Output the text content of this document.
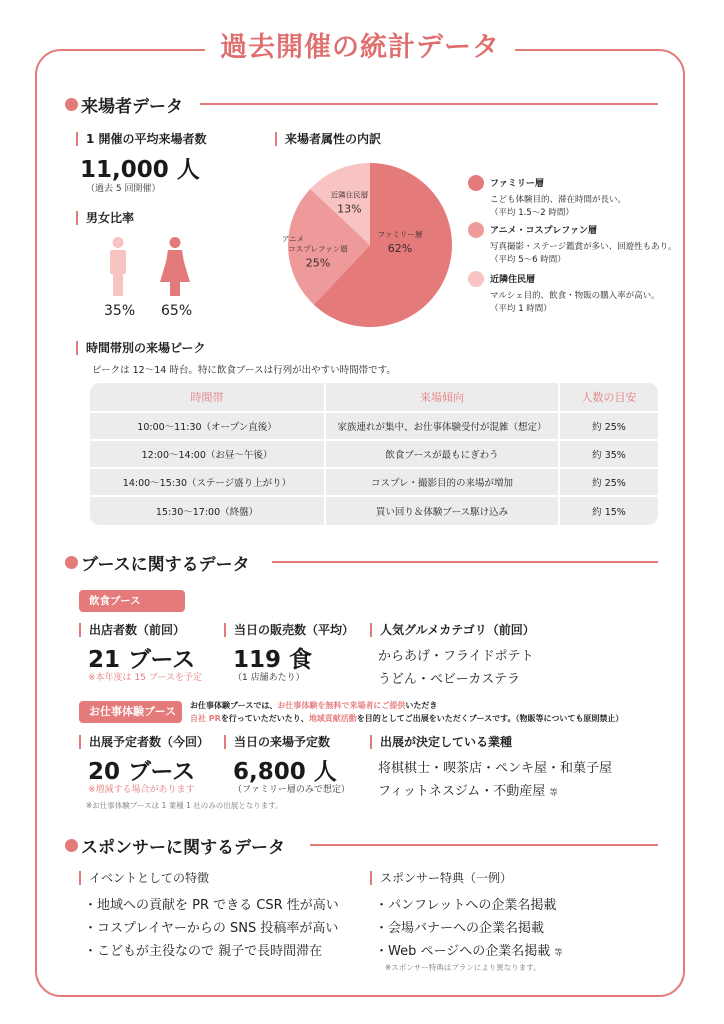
過去開催の統計データ
来場者データ
1 開催の平均来場者数
11,000 人
（過去 5 回開催）
男女比率
35% 65%
来場者属性の内訳
ファミリー層
62%
アニメ
コスプレファン層
25%
近隣住民層
13%
ファミリー層
こども体験目的、滞在時間が長い。
（平均 1.5〜2 時間）
アニメ・コスプレファン層
写真撮影・ステージ鑑賞が多い、回遊性もあり。
（平均 5〜6 時間）
近隣住民層
マルシェ目的、飲食・物販の購入率が高い。
（平均 1 時間）
時間帯別の来場ピーク
ピークは 12〜14 時台。特に飲食ブースは行列が出やすい時間帯です。
時間帯	来場傾向	人数の目安
10:00〜11:30（オープン直後）	家族連れが集中、お仕事体験受付が混雑（想定）	約 25%
12:00〜14:00（お昼〜午後）	飲食ブースが最もにぎわう	約 35%
14:00〜15:30（ステージ盛り上がり）	コスプレ・撮影目的の来場が増加	約 25%
15:30〜17:00（終盤）	買い回り＆体験ブース駆け込み	約 15%
ブースに関するデータ
飲食ブース
出店者数（前回）
21 ブース
※本年度は 15 ブースを予定
当日の販売数（平均）
119 食
（1 店舗あたり）
人気グルメカテゴリ（前回）
からあげ・フライドポテト
うどん・ベビーカステラ
お仕事体験ブース	お仕事体験ブースでは、お仕事体験を無料で来場者にご提供いただき
自社 PRを行っていただいたり、地域貢献活動を目的としてご出展をいただくブースです。（物販等についても原則禁止）
出展予定者数（今回）
20 ブース
※増減する場合があります
当日の来場予定数
6,800 人
（ファミリー層のみで想定）
出展が決定している業種
将棋棋士・喫茶店・ペンキ屋・和菓子屋
フィットネスジム・不動産屋 等
※お仕事体験ブースは 1 業種 1 社のみの出展となります。
スポンサーに関するデータ
イベントとしての特徴
・地域への貢献を PR できる CSR 性が高い
・コスプレイヤーからの SNS 投稿率が高い
・こどもが主役なので 親子で長時間滞在
スポンサー特典（一例）
・パンフレットへの企業名掲載
・会場バナーへの企業名掲載
・Web ページへの企業名掲載 等
※スポンサー特典はプランにより異なります。
